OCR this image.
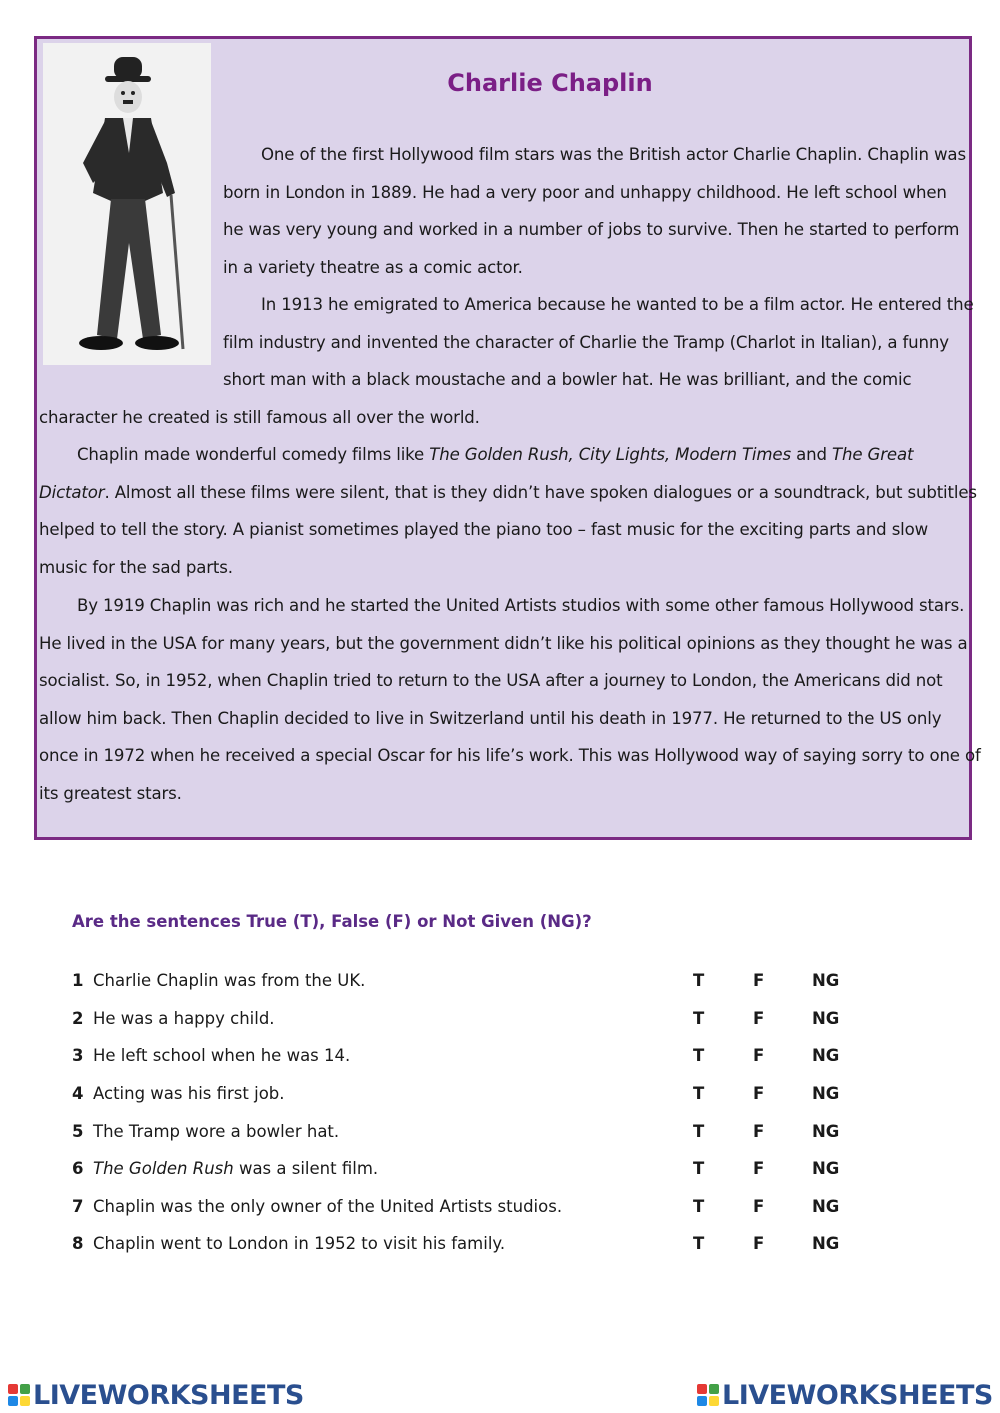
Charlie Chaplin
One of the first Hollywood film stars was the British actor Charlie Chaplin. Chaplin was
born in London in 1889. He had a very poor and unhappy childhood. He left school when
he was very young and worked in a number of jobs to survive. Then he started to perform
in a variety theatre as a comic actor.
In 1913 he emigrated to America because he wanted to be a film actor. He entered the
film industry and invented the character of Charlie the Tramp (Charlot in Italian), a funny
short man with a black moustache and a bowler hat. He was brilliant, and the comic
character he created is still famous all over the world.
Chaplin made wonderful comedy films like The Golden Rush, City Lights, Modern Times and The Great
Dictator. Almost all these films were silent, that is they didn’t have spoken dialogues or a soundtrack, but subtitles
helped to tell the story. A pianist sometimes played the piano too – fast music for the exciting parts and slow
music for the sad parts.
By 1919 Chaplin was rich and he started the United Artists studios with some other famous Hollywood stars.
He lived in the USA for many years, but the government didn’t like his political opinions as they thought he was a
socialist. So, in 1952, when Chaplin tried to return to the USA after a journey to London, the Americans did not
allow him back. Then Chaplin decided to live in Switzerland until his death in 1977. He returned to the US only
once in 1972 when he received a special Oscar for his life’s work. This was Hollywood way of saying sorry to one of
its greatest stars.
Are the sentences True (T), False (F) or Not Given (NG)?
1 Charlie Chaplin was from the UK.	T	F	NG
2 He was a happy child.	T	F	NG
3 He left school when he was 14.	T	F	NG
4 Acting was his first job.	T	F	NG
5 The Tramp wore a bowler hat.	T	F	NG
6 The Golden Rush was a silent film.	T	F	NG
7 Chaplin was the only owner of the United Artists studios.	T	F	NG
8 Chaplin went to London in 1952 to visit his family.	T	F	NG
LIVEWORKSHEETS	LIVEWORKSHEETS
